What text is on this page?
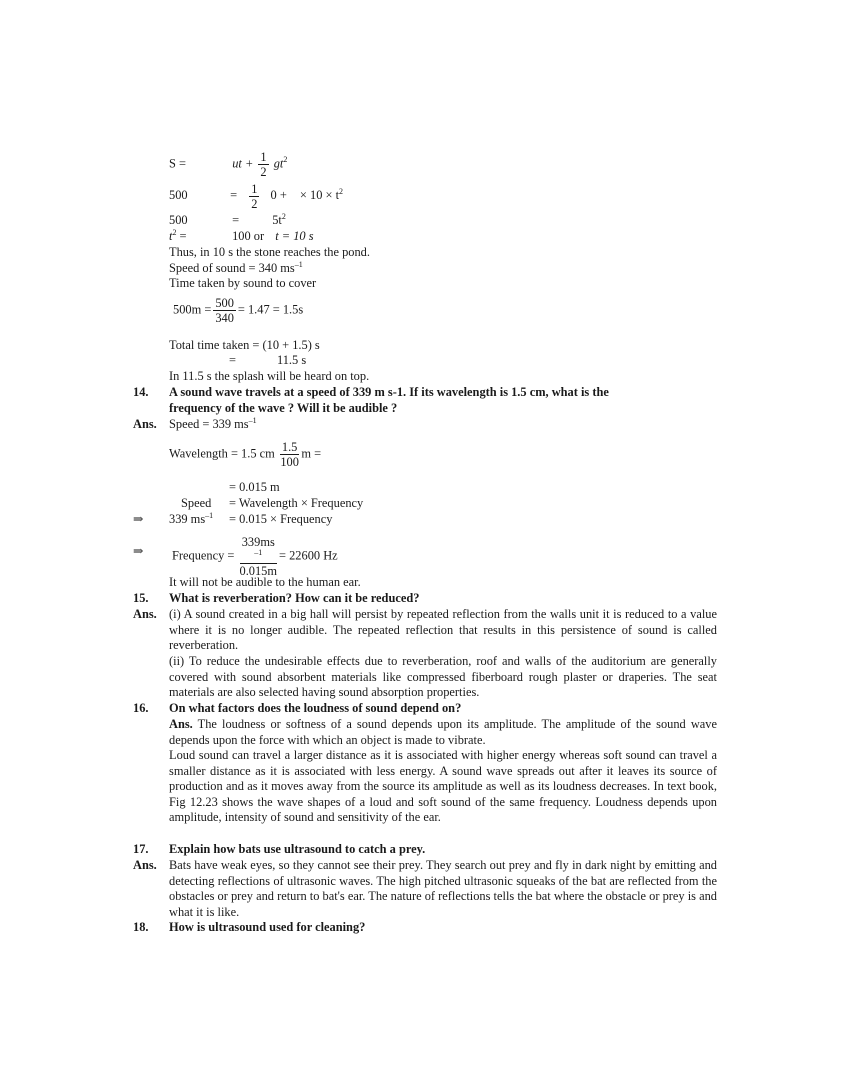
S =	ut + $\frac{1}{2} gt^2$
500	= $\frac{1}{2} 0$ + × $10 \times t^2$
500	=	$5t^2$
$t^2$ =	100 or t = 10 s
Thus, in 10 s the stone reaches the pond.
Speed of sound = 340 $ms^{-1}$
Time taken by sound to cover
$500m = \frac{500}{340} = 1.47 = 1.5s$
Total time taken = (10 + 1.5) s
=	11.5 s
In 11.5 s the splash will be heard on top.
14. A sound wave travels at a speed of 339 m s-1. If its wavelength is 1.5 cm, what is the
frequency of the wave ? Will it be audible ?
Ans. Speed = 339 $ms^{-1}$
Wavelength = 1.5 cm $\frac{1.5}{100}$ m =
= 0.015 m
Speed = Wavelength × Frequency
⇒ 339 $ms^{-1} = 0.015$ × Frequency
⇒ Frequency = 339ms
$^{-1}$
0.015m = 22600 Hz
It will not be audible to the human ear.
15. What is reverberation? How can it be reduced?
Ans. (i) A sound created in a big hall will persist by repeated reflection from the walls unit it is reduced to a value where it is no longer audible. The repeated reflection that results in this persistence of sound is called reverberation.
(ii) To reduce the undesirable effects due to reverberation, roof and walls of the auditorium are generally covered with sound absorbent materials like compressed fiberboard rough plaster or draperies. The seat materials are also selected having sound absorption properties.
16. On what factors does the loudness of sound depend on?
Ans. The loudness or softness of a sound depends upon its amplitude. The amplitude of the sound wave depends upon the force with which an object is made to vibrate.
Loud sound can travel a larger distance as it is associated with higher energy whereas soft sound can travel a smaller distance as it is associated with less energy. A sound wave spreads out after it leaves its source of production and as it moves away from the source its amplitude as well as its loudness decreases. In text book, Fig 12.23 shows the wave shapes of a loud and soft sound of the same frequency. Loudness depends upon amplitude, intensity of sound and sensitivity of the ear.
17. Explain how bats use ultrasound to catch a prey.
Ans. Bats have weak eyes, so they cannot see their prey. They search out prey and fly in dark night by emitting and detecting reflections of ultrasonic waves. The high pitched ultrasonic squeaks of the bat are reflected from the obstacles or prey and return to bat's ear. The nature of reflections tells the bat where the obstacle or prey is and what it is like.
18. How is ultrasound used for cleaning?
